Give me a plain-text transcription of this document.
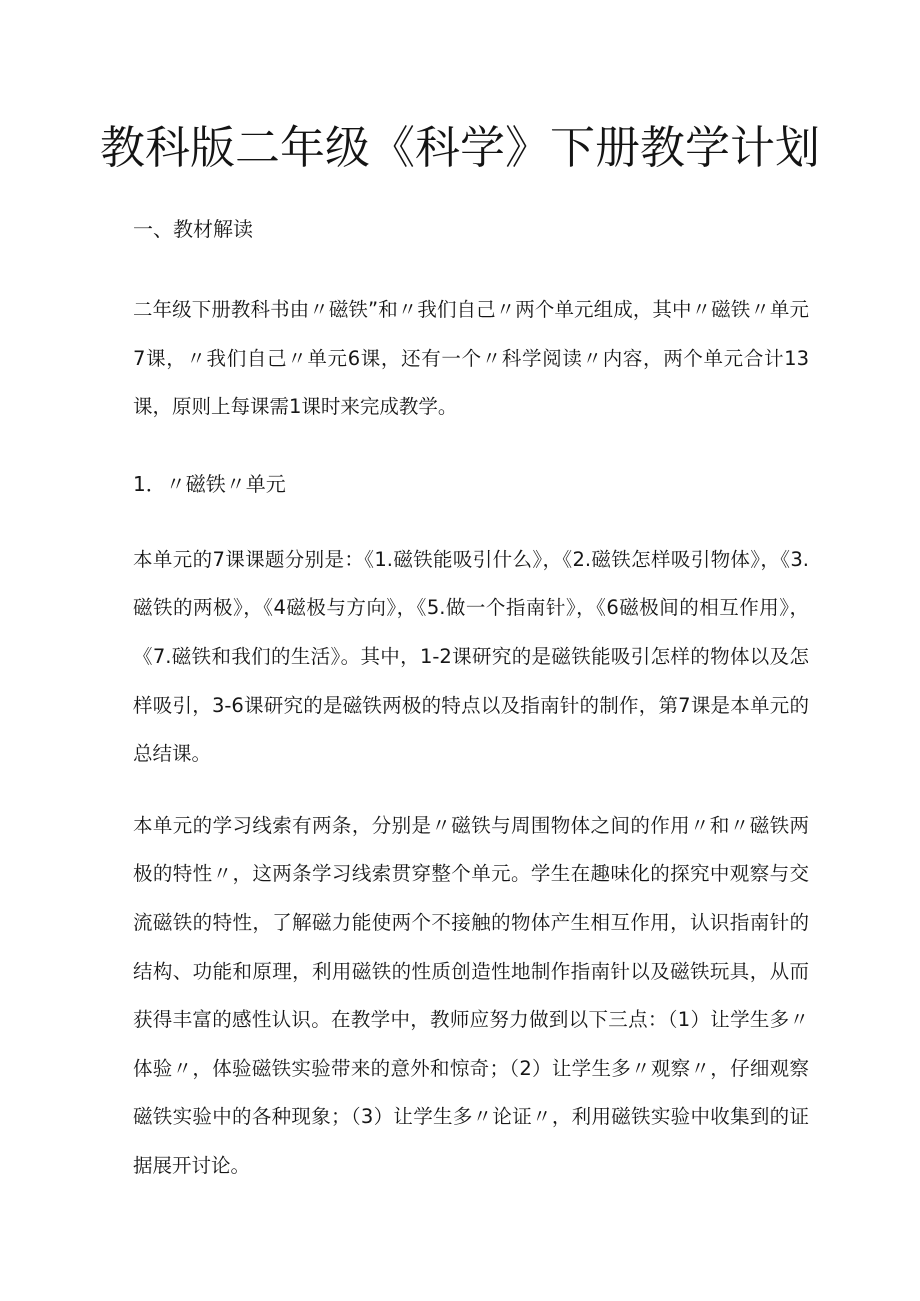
教科版二年级《科学》下册教学计划

一、教材解读

二年级下册教科书由〃磁铁”和〃我们自己〃两个单元组成，其中〃磁铁〃单元7课，〃我们自己〃单元6课，还有一个〃科学阅读〃内容，两个单元合计13课，原则上每课需1课时来完成教学。

1．〃磁铁〃单元

本单元的7课课题分别是：《1.磁铁能吸引什么》，《2.磁铁怎样吸引物体》，《3.磁铁的两极》，《4磁极与方向》，《5.做一个指南针》，《6磁极间的相互作用》，《7.磁铁和我们的生活》。其中，1-2课研究的是磁铁能吸引怎样的物体以及怎样吸引，3-6课研究的是磁铁两极的特点以及指南针的制作，第7课是本单元的总结课。

本单元的学习线索有两条，分别是〃磁铁与周围物体之间的作用〃和〃磁铁两极的特性〃，这两条学习线索贯穿整个单元。学生在趣味化的探究中观察与交流磁铁的特性，了解磁力能使两个不接触的物体产生相互作用，认识指南针的结构、功能和原理，利用磁铁的性质创造性地制作指南针以及磁铁玩具，从而获得丰富的感性认识。在教学中，教师应努力做到以下三点：（1）让学生多〃体验〃，体验磁铁实验带来的意外和惊奇；（2）让学生多〃观察〃，仔细观察磁铁实验中的各种现象；（3）让学生多〃论证〃，利用磁铁实验中收集到的证据展开讨论。
